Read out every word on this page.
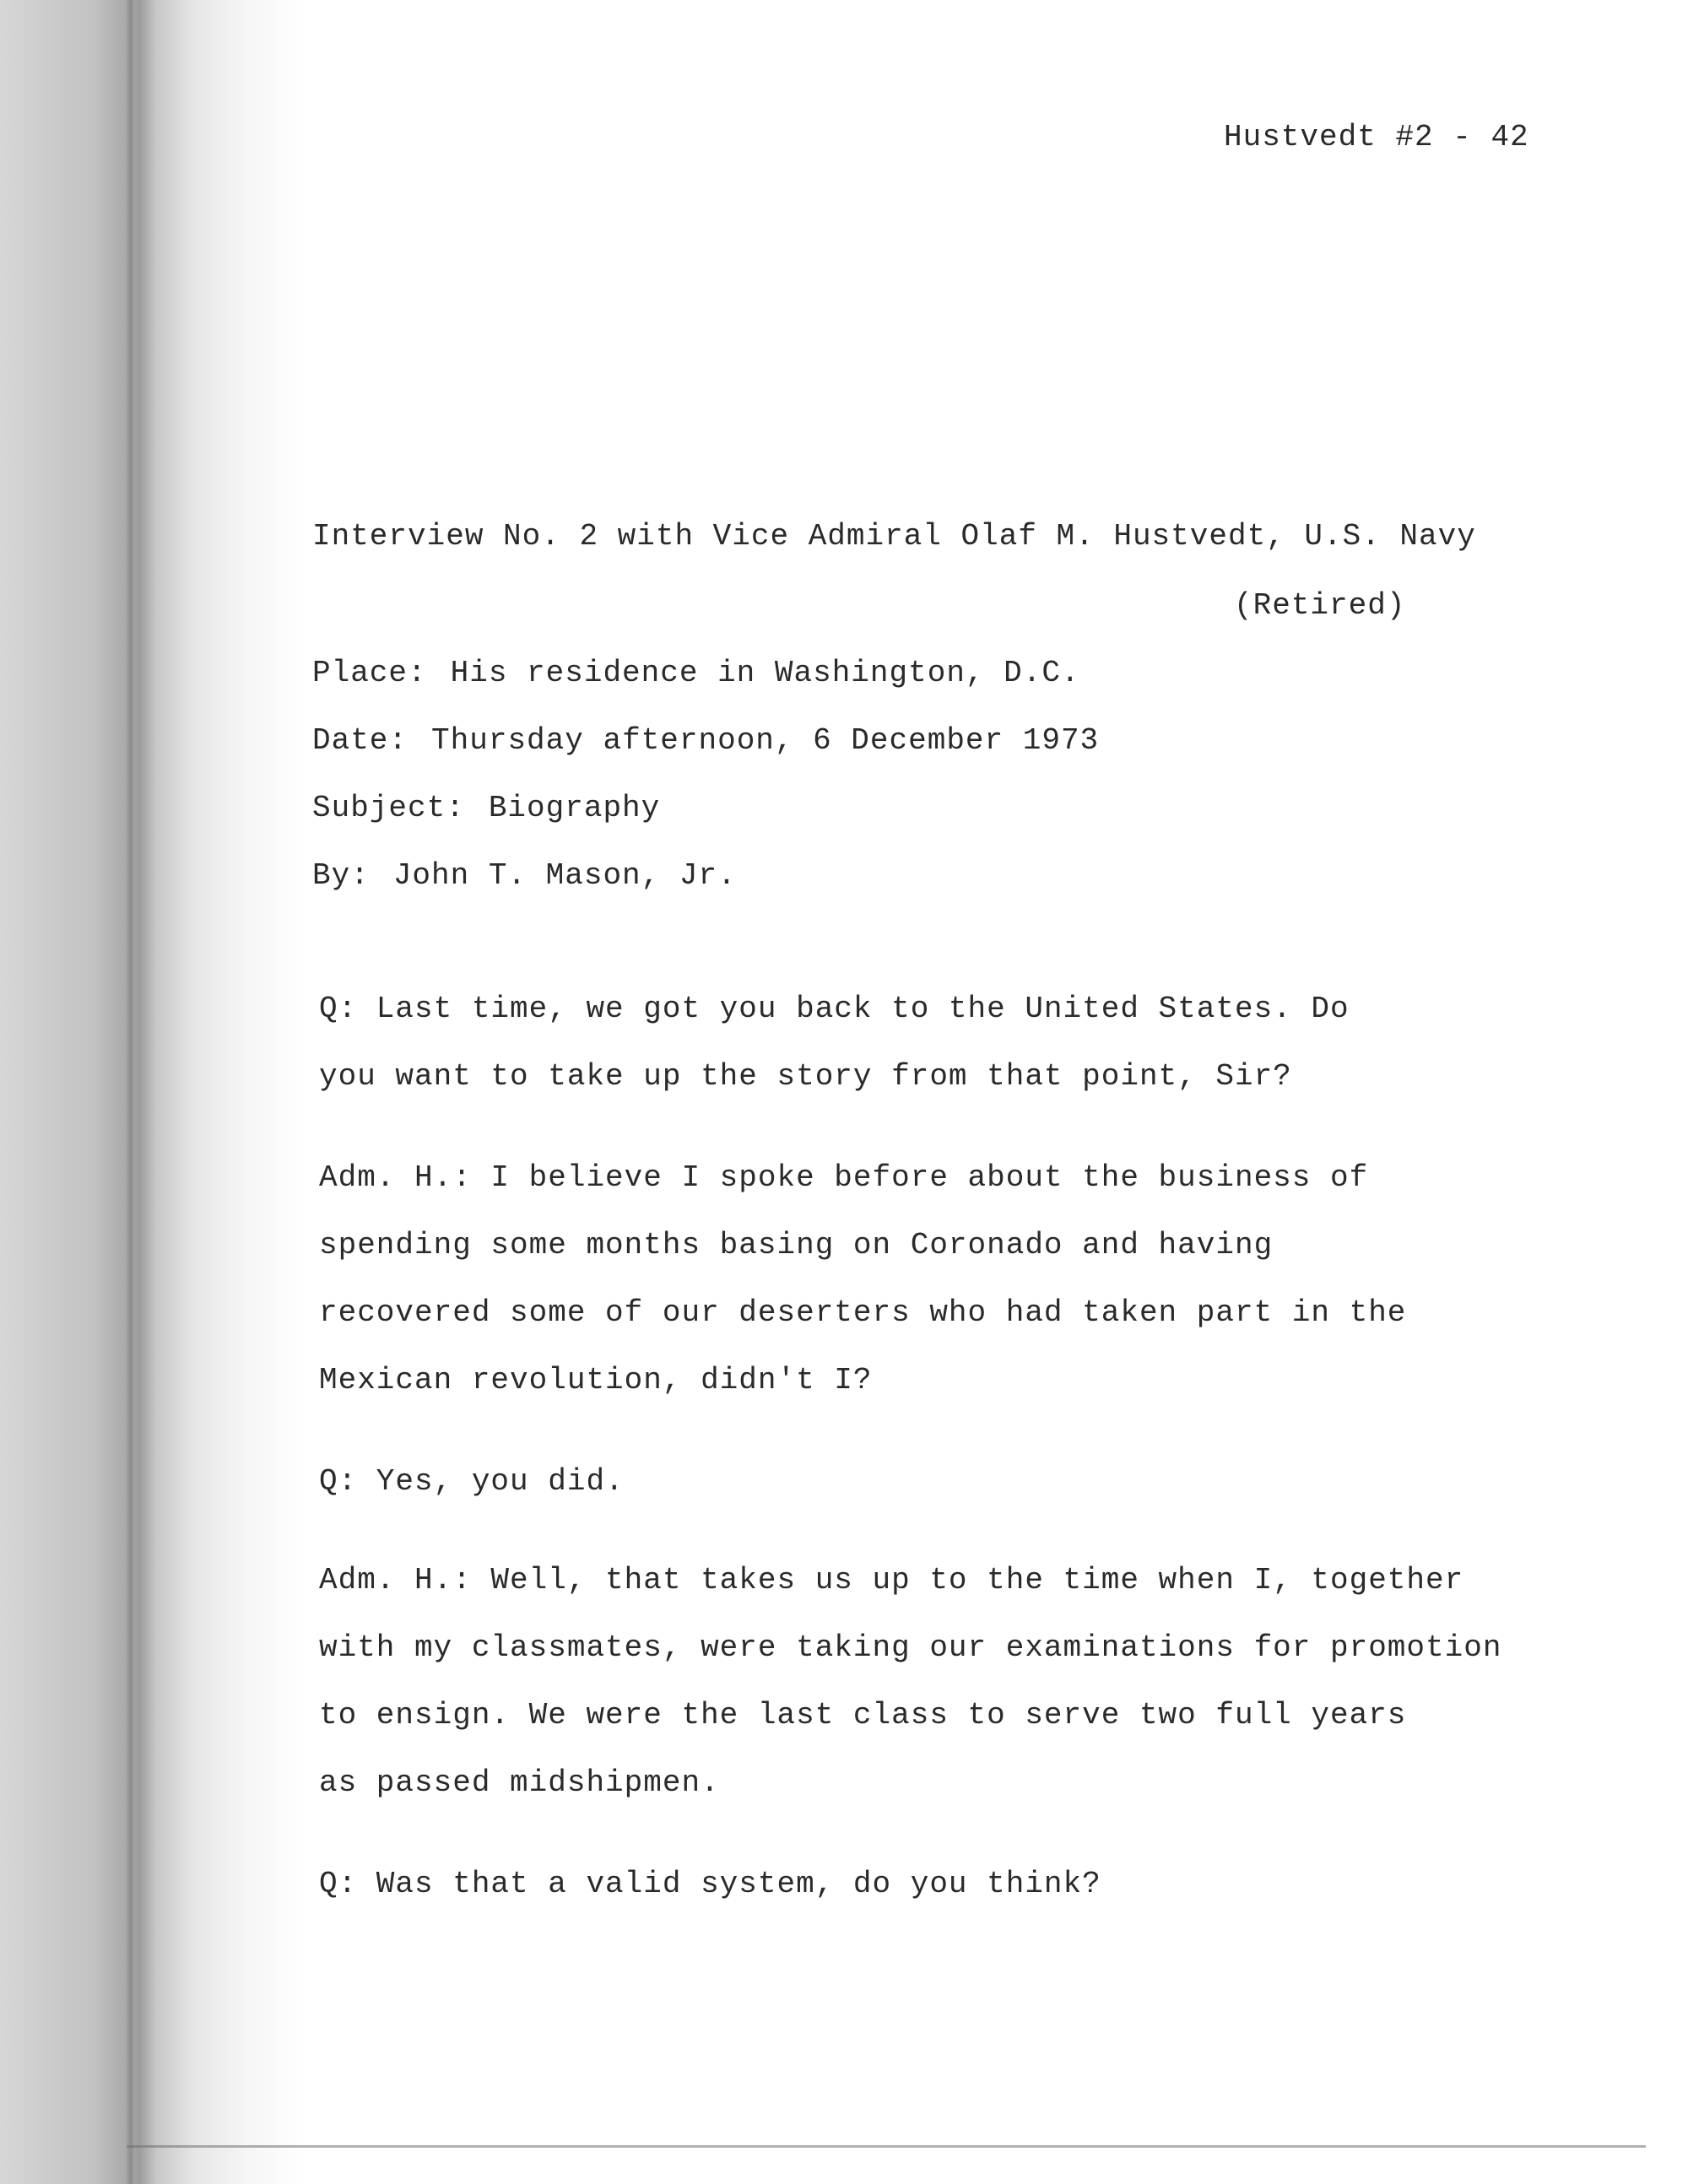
Hustvedt #2 - 42
Interview No. 2 with Vice Admiral Olaf M. Hustvedt, U.S. Navy
(Retired)
Place: His residence in Washington, D.C.
Date: Thursday afternoon, 6 December 1973
Subject: Biography
By: John T. Mason, Jr.
Q: Last time, we got you back to the United States. Do
you want to take up the story from that point, Sir?
Adm. H.: I believe I spoke before about the business of
spending some months basing on Coronado and having
recovered some of our deserters who had taken part in the
Mexican revolution, didn't I?
Q: Yes, you did.
Adm. H.: Well, that takes us up to the time when I, together
with my classmates, were taking our examinations for promotion
to ensign. We were the last class to serve two full years
as passed midshipmen.
Q: Was that a valid system, do you think?
